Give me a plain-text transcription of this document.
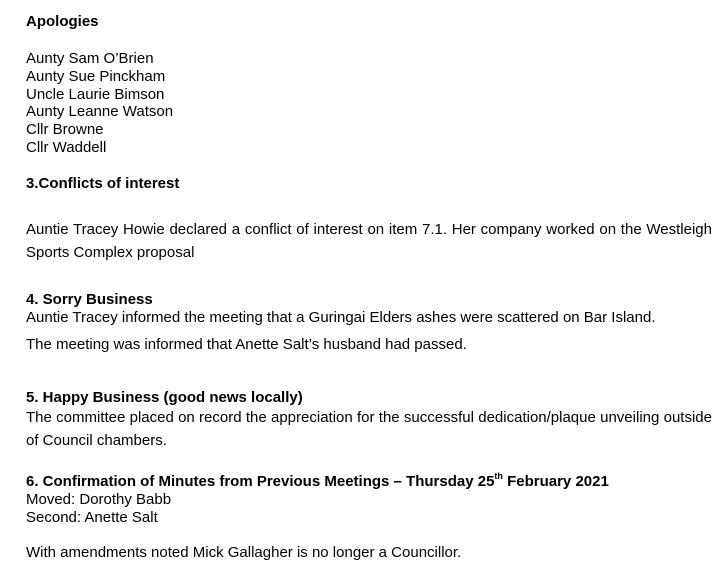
Apologies

Aunty Sam O’Brien

Aunty Sue Pinckham

Uncle Laurie Bimson

Aunty Leanne Watson

Cllr Browne

Cllr Waddell

3.Conflicts of interest

Auntie Tracey Howie declared a conflict of interest on item 7.1. Her company worked on the Westleigh Sports Complex proposal

4. Sorry Business

Auntie Tracey informed the meeting that a Guringai Elders ashes were scattered on Bar Island.

The meeting was informed that Anette Salt’s husband had passed.

5. Happy Business (good news locally)

The committee placed on record the appreciation for the successful dedication/plaque unveiling outside of Council chambers.

6. Confirmation of Minutes from Previous Meetings – Thursday 25th February 2021

Moved: Dorothy Babb

Second: Anette Salt

With amendments noted Mick Gallagher is no longer a Councillor.
